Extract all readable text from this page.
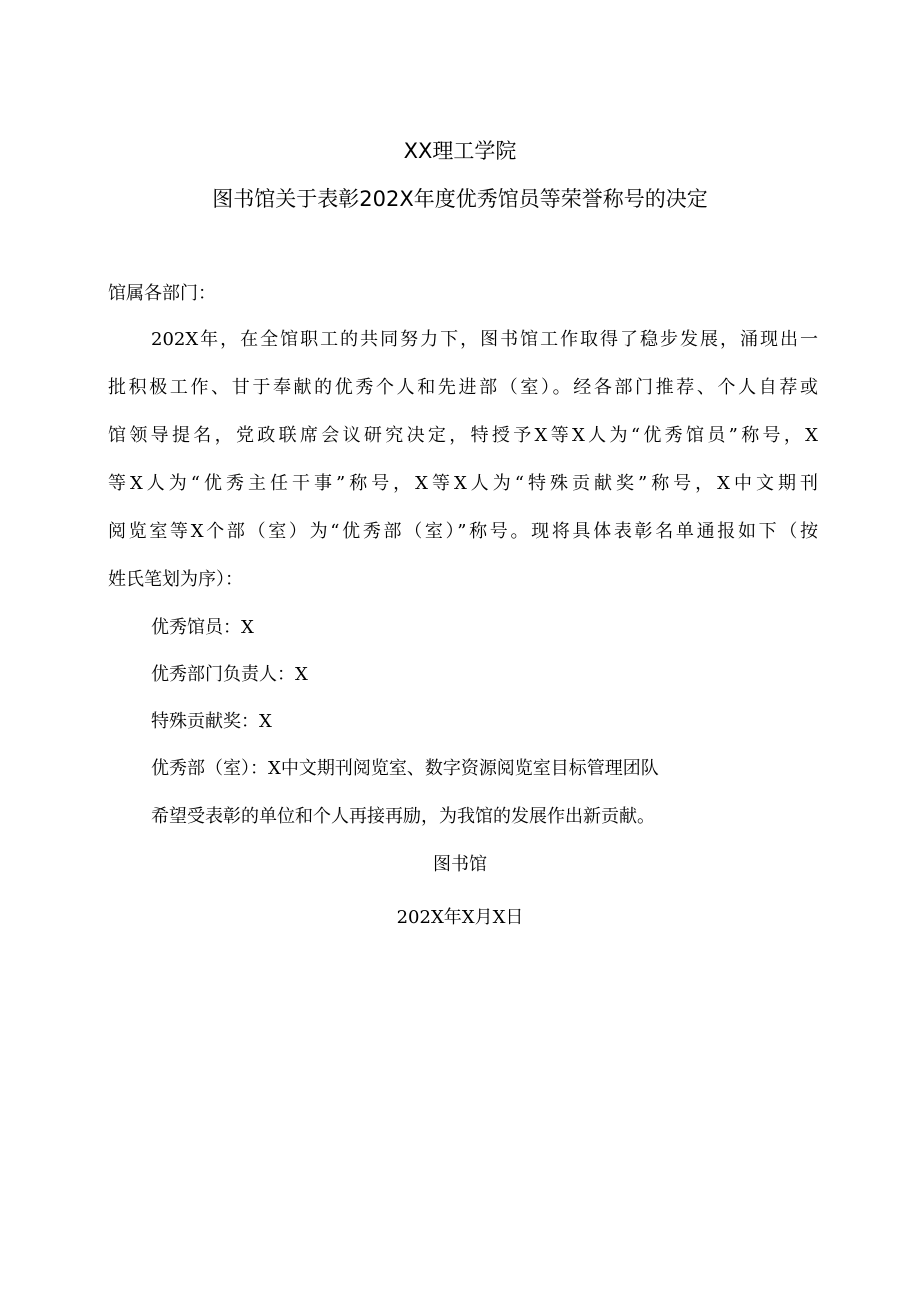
XX理工学院
图书馆关于表彰202X年度优秀馆员等荣誉称号的决定
馆属各部门：
202X年，在全馆职工的共同努力下，图书馆工作取得了稳步发展，涌现出一
批积极工作、甘于奉献的优秀个人和先进部（室）。经各部门推荐、个人自荐或
馆领导提名，党政联席会议研究决定，特授予X等X人为“优秀馆员”称号，X
等X人为“优秀主任干事”称号，X等X人为“特殊贡献奖”称号，X中文期刊
阅览室等X个部（室）为“优秀部（室）”称号。现将具体表彰名单通报如下（按
姓氏笔划为序）：
优秀馆员：X
优秀部门负责人：X
特殊贡献奖：X
优秀部（室）：X中文期刊阅览室、数字资源阅览室目标管理团队
希望受表彰的单位和个人再接再励，为我馆的发展作出新贡献。
图书馆
202X年X月X日
